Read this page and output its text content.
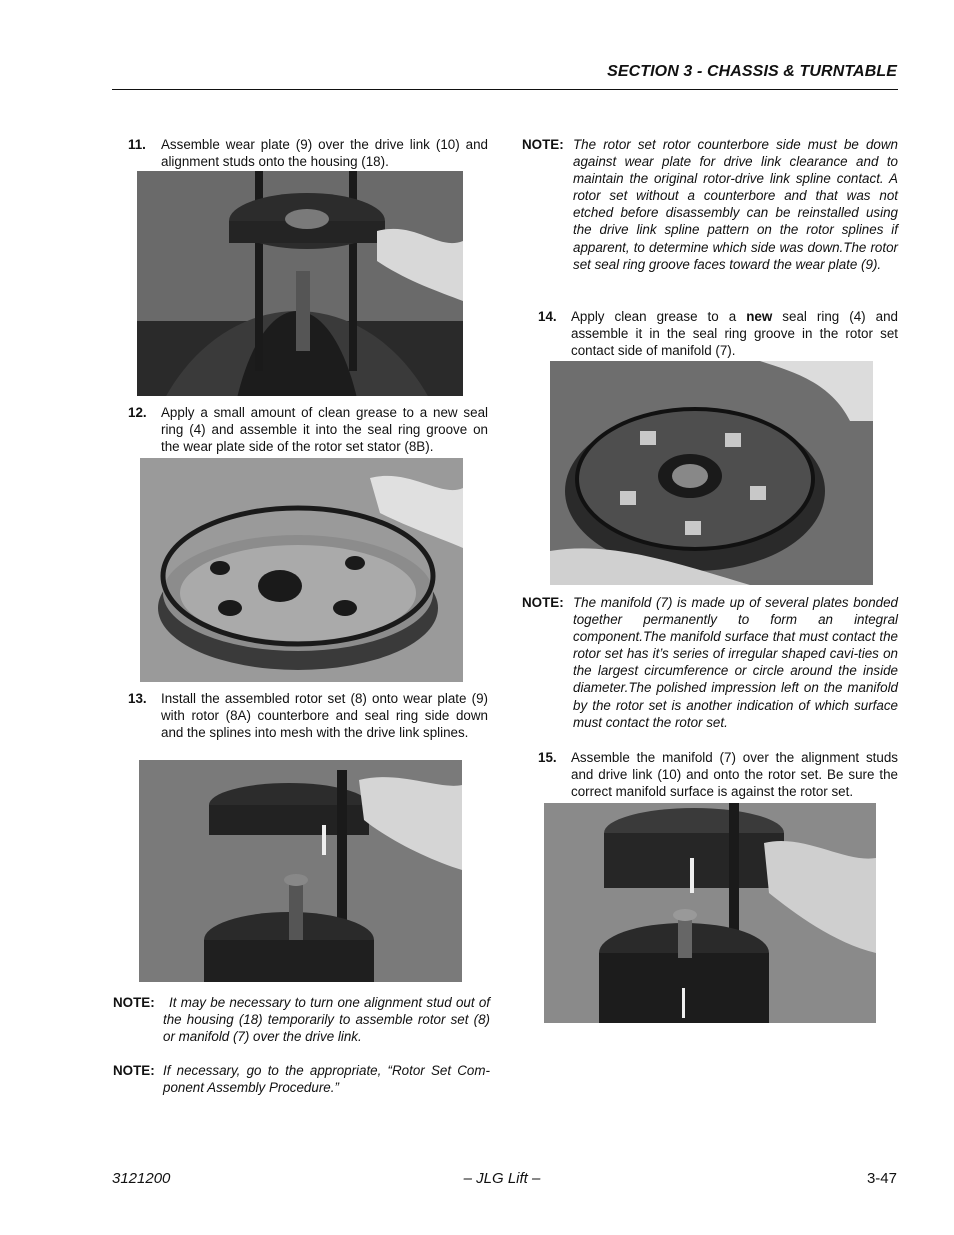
SECTION 3 - CHASSIS & TURNTABLE
11. Assemble wear plate (9) over the drive link (10) and alignment studs onto the housing (18).
12. Apply a small amount of clean grease to a new seal ring (4) and assemble it into the seal ring groove on the wear plate side of the rotor set stator (8B).
13. Install the assembled rotor set (8) onto wear plate (9) with rotor (8A) counterbore and seal ring side down and the splines into mesh with the drive link splines.
NOTE:	It may be necessary to turn one alignment stud out of the housing (18) temporarily to assemble rotor set (8) or manifold (7) over the drive link.
NOTE: If necessary, go to the appropriate, “Rotor Set Com-ponent Assembly Procedure.”
NOTE: The rotor set rotor counterbore side must be down against wear plate for drive link clearance and to maintain the original rotor-drive link spline contact. A rotor set without a counterbore and that was not etched before disassembly can be reinstalled using the drive link spline pattern on the rotor splines if apparent, to determine which side was down.The rotor set seal ring groove faces toward the wear plate (9).
14. Apply clean grease to a new seal ring (4) and assemble it in the seal ring groove in the rotor set contact side of manifold (7).
NOTE: The manifold (7) is made up of several plates bonded together permanently to form an integral component.The manifold surface that must contact the rotor set has it’s series of irregular shaped cavi-ties on the largest circumference or circle around the inside diameter.The polished impression left on the manifold by the rotor set is another indication of which surface must contact the rotor set.
15. Assemble the manifold (7) over the alignment studs and drive link (10) and onto the rotor set. Be sure the correct manifold surface is against the rotor set.
3121200	– JLG Lift –	3-47
